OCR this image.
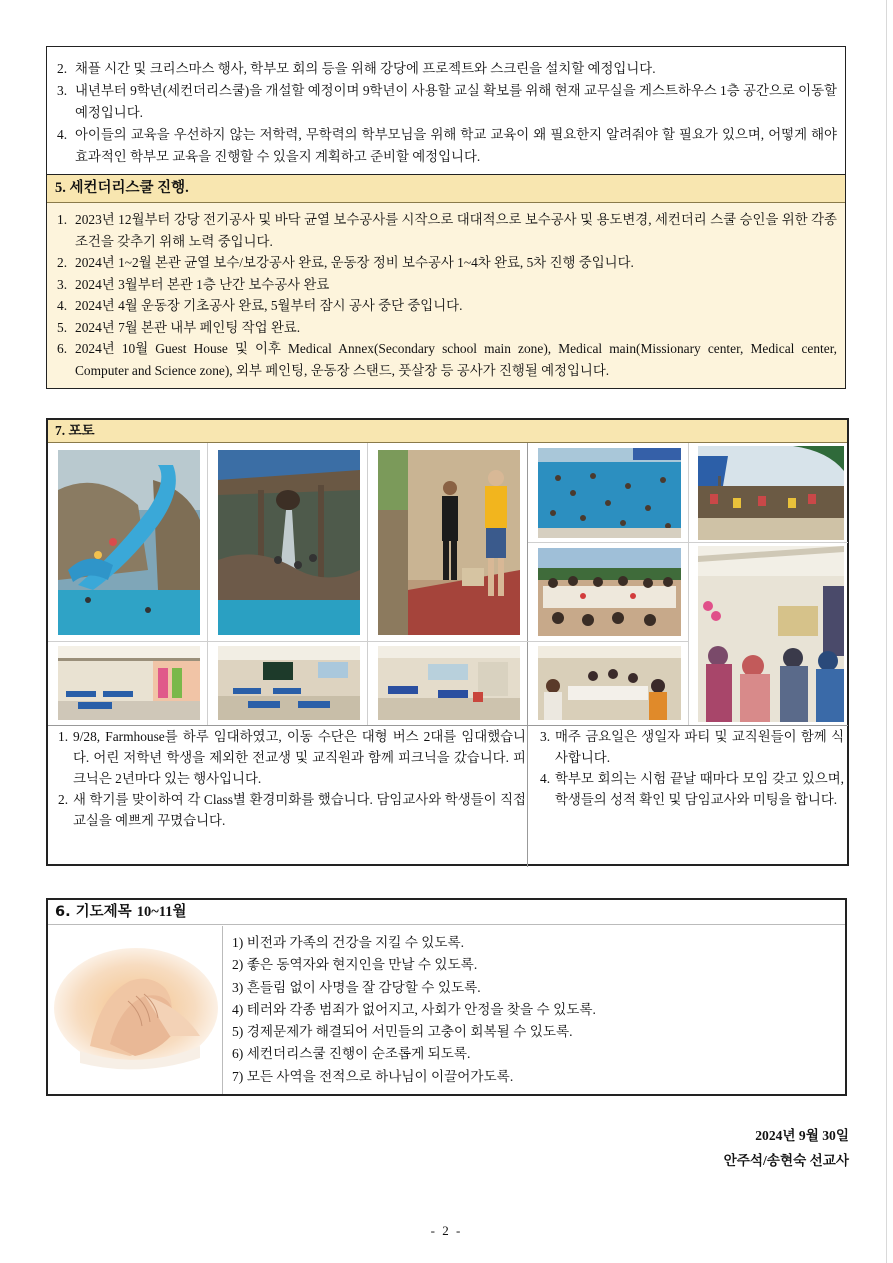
2. 채플 시간 및 크리스마스 행사, 학부모 회의 등을 위해 강당에 프로젝트와 스크린을 설치할 예정입니다.
3. 내년부터 9학년(세컨더리스쿨)을 개설할 예정이며 9학년이 사용할 교실 확보를 위해 현재 교무실을 게스트하우스 1층 공간으로 이동할 예정입니다.
4. 아이들의 교육을 우선하지 않는 저학력, 무학력의 학부모님을 위해 학교 교육이 왜 필요한지 알려줘야 할 필요가 있으며, 어떻게 해야 효과적인 학부모 교육을 진행할 수 있을지 계획하고 준비할 예정입니다.
5. 세컨더리스쿨 진행.
1. 2023년 12월부터 강당 전기공사 및 바닥 균열 보수공사를 시작으로 대대적으로 보수공사 및 용도변경, 세컨더리 스쿨 승인을 위한 각종 조건을 갖추기 위해 노력 중입니다.
2. 2024년 1~2월 본관 균열 보수/보강공사 완료, 운동장 정비 보수공사 1~4차 완료, 5차 진행 중입니다.
3. 2024년 3월부터 본관 1층 난간 보수공사 완료
4. 2024년 4월 운동장 기초공사 완료, 5월부터 잠시 공사 중단 중입니다.
5. 2024년 7월 본관 내부 페인팅 작업 완료.
6. 2024년 10월 Guest House 및 이후 Medical Annex(Secondary school main zone), Medical main(Missionary center, Medical center, Computer and Science zone), 외부 페인팅, 운동장 스탠드, 풋살장 등 공사가 진행될 예정입니다.
7. 포토
1. 9/28, Farmhouse를 하루 임대하였고, 이동 수단은 대형 버스 2대를 임대했습니다. 어린 저학년 학생을 제외한 전교생 및 교직원과 함께 피크닉을 갔습니다. 피크닉은 2년마다 있는 행사입니다.
2. 새 학기를 맞이하여 각 Class별 환경미화를 했습니다. 담임교사와 학생들이 직접 교실을 예쁘게 꾸몄습니다.
3. 매주 금요일은 생일자 파티 및 교직원들이 함께 식사합니다.
4. 학부모 회의는 시험 끝날 때마다 모임 갖고 있으며, 학생들의 성적 확인 및 담임교사와 미팅을 합니다.
6. 기도제목 10~11월
1) 비전과 가족의 건강을 지킬 수 있도록.
2) 좋은 동역자와 현지인을 만날 수 있도록.
3) 흔들림 없이 사명을 잘 감당할 수 있도록.
4) 테러와 각종 범죄가 없어지고, 사회가 안정을 찾을 수 있도록.
5) 경제문제가 해결되어 서민들의 고충이 회복될 수 있도록.
6) 세컨더리스쿨 진행이 순조롭게 되도록.
7) 모든 사역을 전적으로 하나님이 이끌어가도록.
2024년 9월 30일
안주석/송현숙 선교사
- 2 -
